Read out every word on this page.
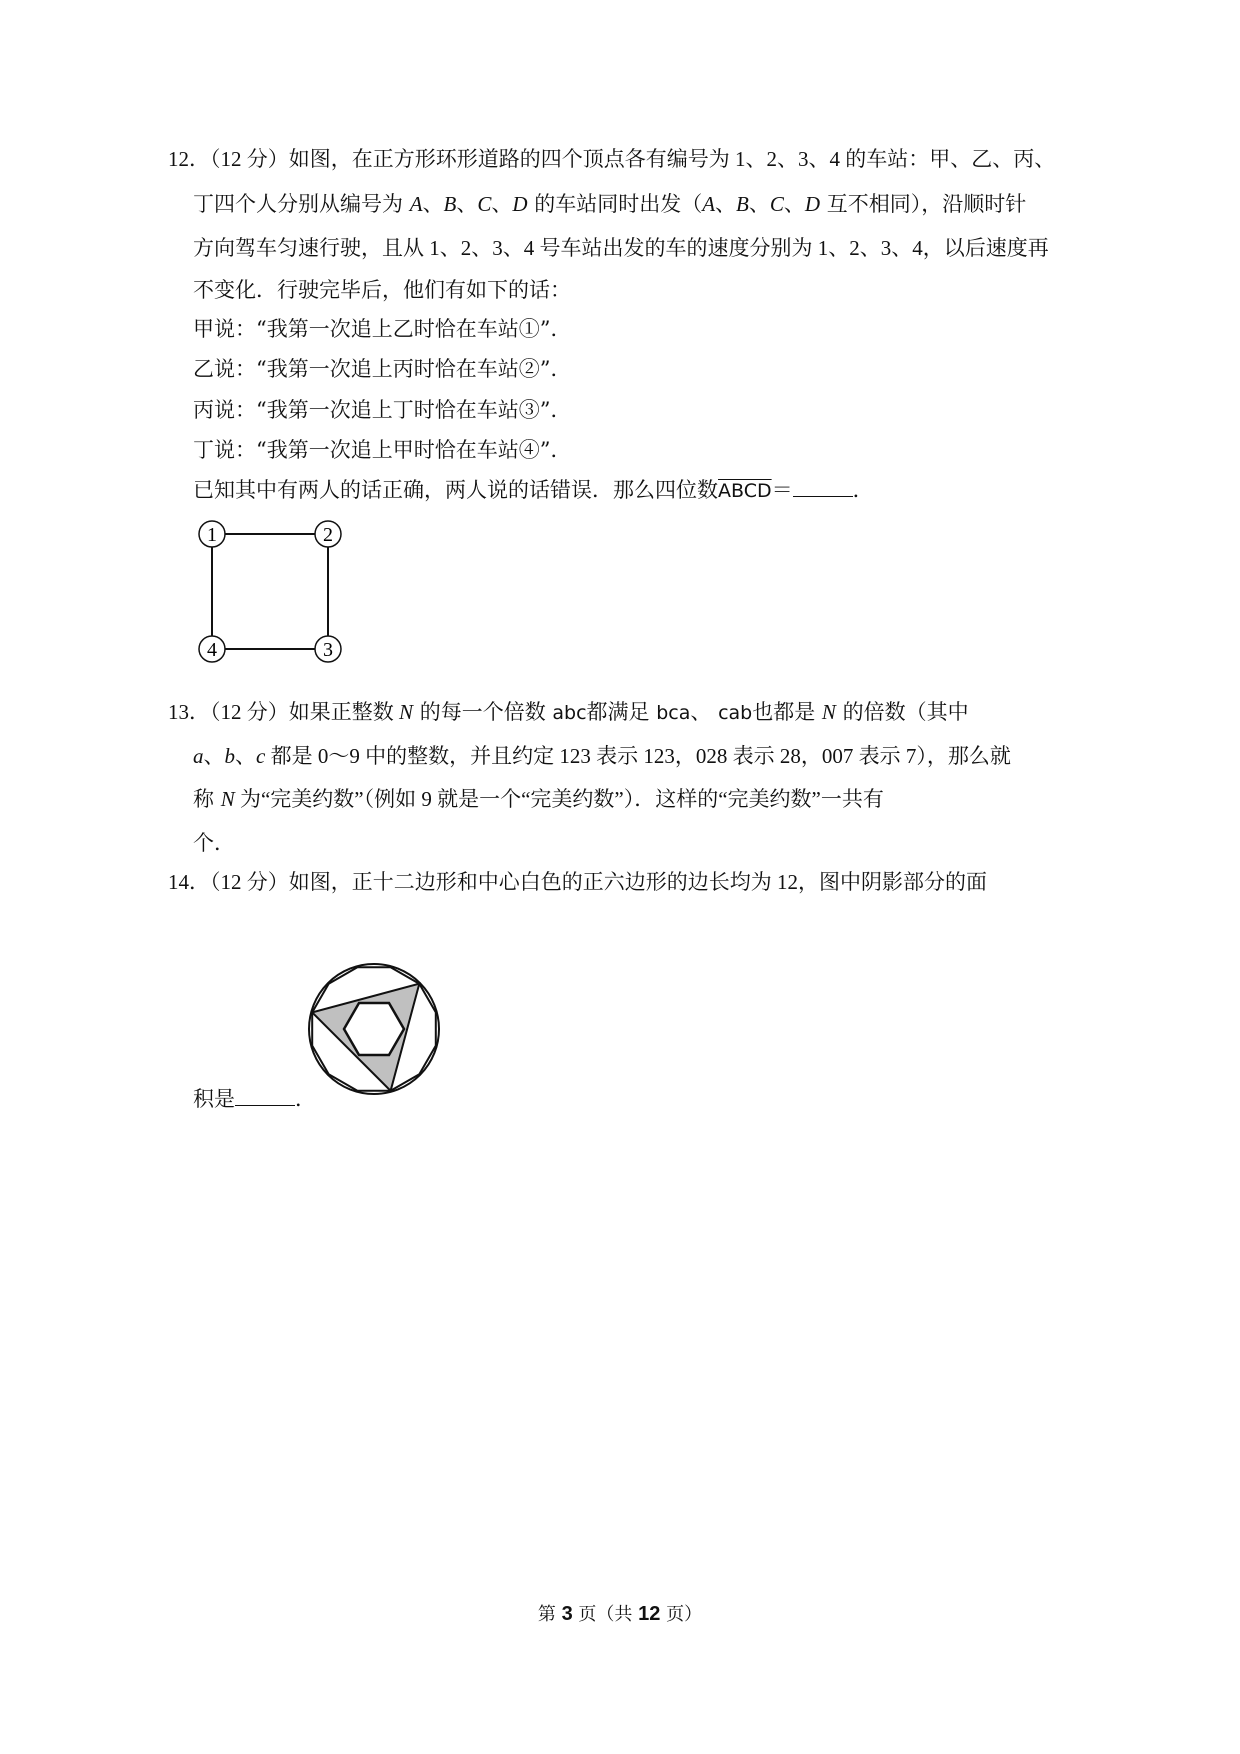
12．（12 分）如图，在正方形环形道路的四个顶点各有编号为 1、2、3、4 的车站：甲、乙、丙、
丁四个人分别从编号为 A、B、C、D 的车站同时出发（A、B、C、D 互不相同），沿顺时针
方向驾车匀速行驶，且从 1、2、3、4 号车站出发的车的速度分别为 1、2、3、4，以后速度再
不变化．行驶完毕后，他们有如下的话：
甲说：“我第一次追上乙时恰在车站①”．
乙说：“我第一次追上丙时恰在车站②”．
丙说：“我第一次追上丁时恰在车站③”．
丁说：“我第一次追上甲时恰在车站④”．
已知其中有两人的话正确，两人说的话错误．那么四位数ABCD＝	．
1	2
3
4
13．（12 分）如果正整数 N 的每一个倍数 abc都满足 bca、 cab也都是 N 的倍数（其中
a、b、c 都是 0～9 中的整数，并且约定 123 表示 123，028 表示 28，007 表示 7），那么就
称 N 为“完美约数”（例如 9 就是一个“完美约数”）．这样的“完美约数”一共有
个．
14．（12 分）如图，正十二边形和中心白色的正六边形的边长均为 12，图中阴影部分的面
积是	．
第 3 页（共 12 页）
